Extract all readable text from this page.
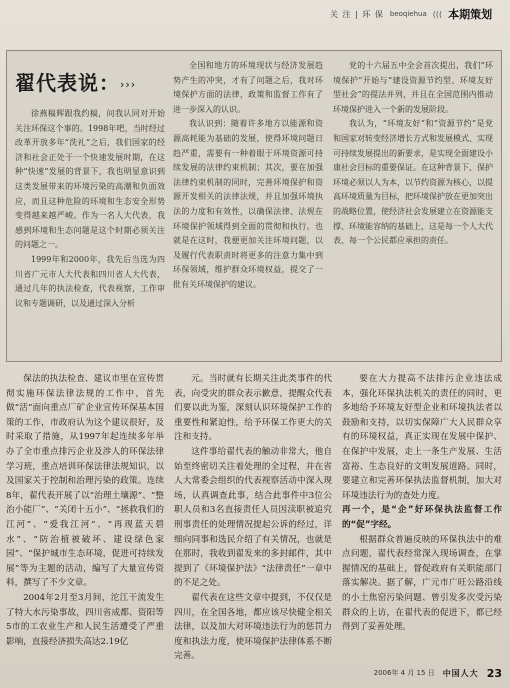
关 注 | 环 保 beoqiehua ((( 本期策划
翟代表说：›››

徐燕稿辉跟我约稿，问我认同对开始关注环保这个事的。1998年吧，当时经过改革开放多年“洗礼”之后，我们国家的经济和社会正处于一个快速发展时期，在这种“快速”发展的背景下，我也明显意识到这类发展带来的环境污染的高潮和负面效应，而且这种危险的环境和生态安全形势变得越来越严峻。作为一名人大代表，我感到环境和生态问题是这个时期必须关注的问题之一。

1999年和2000年，我先后当选为四川省广元市人大代表和四川省人大代表，通过几年的执法检查，代表视察，工作审议和专题调研，以及通过深入分析

全国和地方的环境现状与经济发展趋势产生的冲突，才有了问题之后，我对环境保护方面的法律，政策和监督工作有了进一步深入的认识。

我认识到：随着许多地方以能源和资源高耗能为基础的发展，使得环境问题日趋严重，需要有一种着眼于环境资源可持续发展的法律约束机制；其次，要在加强法律约束机制的同时，完善环境保护和资源开发相关的法律法规，并且加强环境执法的力度和有效性，以确保法律、法规在环境保护领域得到全面的贯彻和执行。也就是在这时，我便更加关注环境问题，以及履行代表职责时将更多的注意力集中到环保领域，维护群众环境权益，提交了一批有关环境保护的建议。

党的十六届五中全会首次提出，我们“环境保护”开始与“建设资源节约型、环境友好型社会”的提法并列，并且在全国范围内推动环境保护进入一个新的发展阶段。

我认为，“环境友好”和“资源节约”是党和国家对转变经济增长方式和发展模式、实现可持续发展提出的新要求，是实现全面建设小康社会目标的重要保证。在这种背景下，保护环境必须以人为本，以节约资源为核心，以提高环境质量为目标，把环境保护放在更加突出的战略位置，使经济社会发展建立在资源能支撑、环境能容纳的基础上，这是每一个人大代表、每一个公民都应承担的责任。

保法的执法检查、建议市里在宣传贯彻实施环保法律法规的工作中，首先做“活”面向重点厂矿企业宣传环保基本国策的工作，市政府认为这个建议很好，及时采取了措施，从1997年起连续多年举办了全市重点排污企业及涉人的环保法律学习班，重点培训环保法律法规知识，以及国家关于控制和治理污染的政策。连续8年，翟代表开展了以“治理土壤源”、“整治小能厂”、“关闭十五小”、“拯救我们的江河”、“爱我江河”、“再现蓝天碧水”、“防治植被破坏、建设绿色家园”、“保护城市生态环境，促进可持续发展”等为主题的活动，编写了大量宣传资料，撰写了不少文章。

2004年2月至3月间，沱江干流发生了特大水污染事故，四川省成都、资阳等5市的工农业生产和人民生活遭受了严重影响，直接经济损失高达2.19亿

元。当时就有长期关注此类事件的代表，向受灾的群众表示歉意，提醒众代表们要以此为鉴，深刻认识环境保护工作的重要性和紧迫性，给予环保工作更大的关注和支持。

这件事给翟代表的触动非常大，他自始至终密切关注着处理的全过程，并在省人大常委会组织的代表视察活动中深入现场，认真调查此事，结合此事件中3位公职人员和3名直接责任人员因渎职被追究刑事责任的处理情况提起公诉的经过，详细向同事和选民介绍了有关情况，也就是在那时，我收到翟发来的多封邮件，其中提到了《环境保护法》“法律责任”一章中的不足之处。

翟代表在这些文章中提到，不仅仅是四川，在全国各地，都应该尽快健全相关法律，以及加大对环境违法行为的惩罚力度和执法力度，使环境保护法律体系不断完善。

要在大力提高不法排污企业违法成本，强化环保执法机关的责任的同时，更多地给予环境友好型企业和环境执法者以鼓励和支持，以切实保障广大人民群众享有的环境权益，真正实现在发展中保护、在保护中发展，走上一条生产发展、生活富裕、生态良好的文明发展道路。同时，要建立和完善环保执法监督机制，加大对环境违法行为的查处力度。

再一个，是“企”好环保执法监督工作的“促”字经。

根据群众普遍反映的环保执法中的难点问题，翟代表经常深入现场调查，在掌握情况的基础上，督促政府有关职能部门落实解决。据了解，广元市广旺公路沿线的小土焦窑污染问题、曾引发多次受污染群众的上访，在翟代表的促进下，都已经得到了妥善处理。

2006年 4 月 15 日 中国人大 23
